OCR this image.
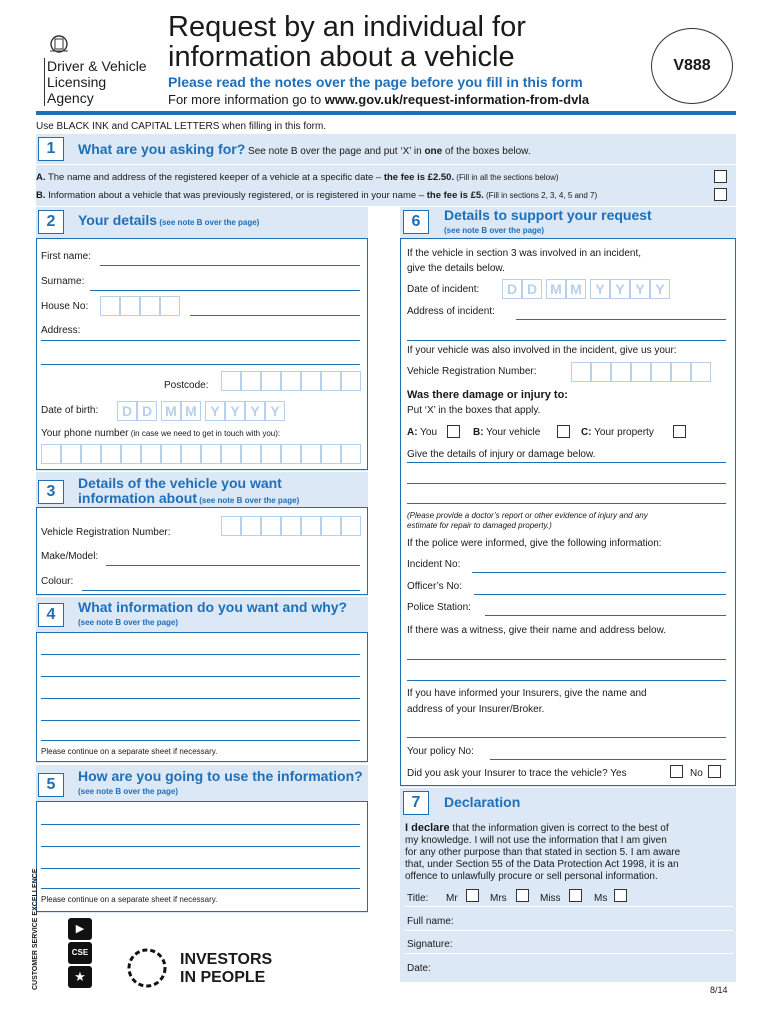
Driver & Vehicle
Licensing
Agency
Request by an individual for
information about a vehicle
Please read the notes over the page before you fill in this form
For more information go to www.gov.uk/request-information-from-dvla
V888
Use BLACK INK and CAPITAL LETTERS when filling in this form.
1	What are you asking for? See note B over the page and put ‘X’ in one of the boxes below.
A. The name and address of the registered keeper of a vehicle at a specific date – the fee is £2.50. (Fill in all the sections below)
B. Information about a vehicle that was previously registered, or is registered in your name – the fee is £5. (Fill in sections 2, 3, 4, 5 and 7)
2	Your details (see note B over the page)
First name:
Surname:
House No:
Address:
Postcode:
Date of birth:	D D M M Y Y Y Y
Your phone number (in case we need to get in touch with you):
3	Details of the vehicle you want
information about (see note B over the page)
Vehicle Registration Number:
Make/Model:
Colour:
4	What information do you want and why?
(see note B over the page)
Please continue on a separate sheet if necessary.
5	How are you going to use the information?
(see note B over the page)
Please continue on a separate sheet if necessary.
6	Details to support your request
(see note B over the page)
If the vehicle in section 3 was involved in an incident,
give the details below.
Date of incident:	D D M M Y Y Y Y
Address of incident:
If your vehicle was also involved in the incident, give us your:
Vehicle Registration Number:
Was there damage or injury to:
Put ‘X’ in the boxes that apply.
A: You	B: Your vehicle	C: Your property
Give the details of injury or damage below.
(Please provide a doctor’s report or other evidence of injury and any
estimate for repair to damaged property.)
If the police were informed, give the following information:
Incident No:
Officer’s No:
Police Station:
If there was a witness, give their name and address below.
If you have informed your Insurers, give the name and
address of your Insurer/Broker.
Your policy No:
Did you ask your Insurer to trace the vehicle? Yes	No
7	Declaration
I declare that the information given is correct to the best of
my knowledge. I will not use the information that I am given
for any other purpose than that stated in section 5. I am aware
that, under Section 55 of the Data Protection Act 1998, it is an
offence to unlawfully procure or sell personal information.
Title: Mr	Mrs	Miss	Ms
Full name:
Signature:
Date:
CUSTOMER SERVICE EXCELLENCE	▶
CSE
★
INVESTORS
IN PEOPLE
8/14
